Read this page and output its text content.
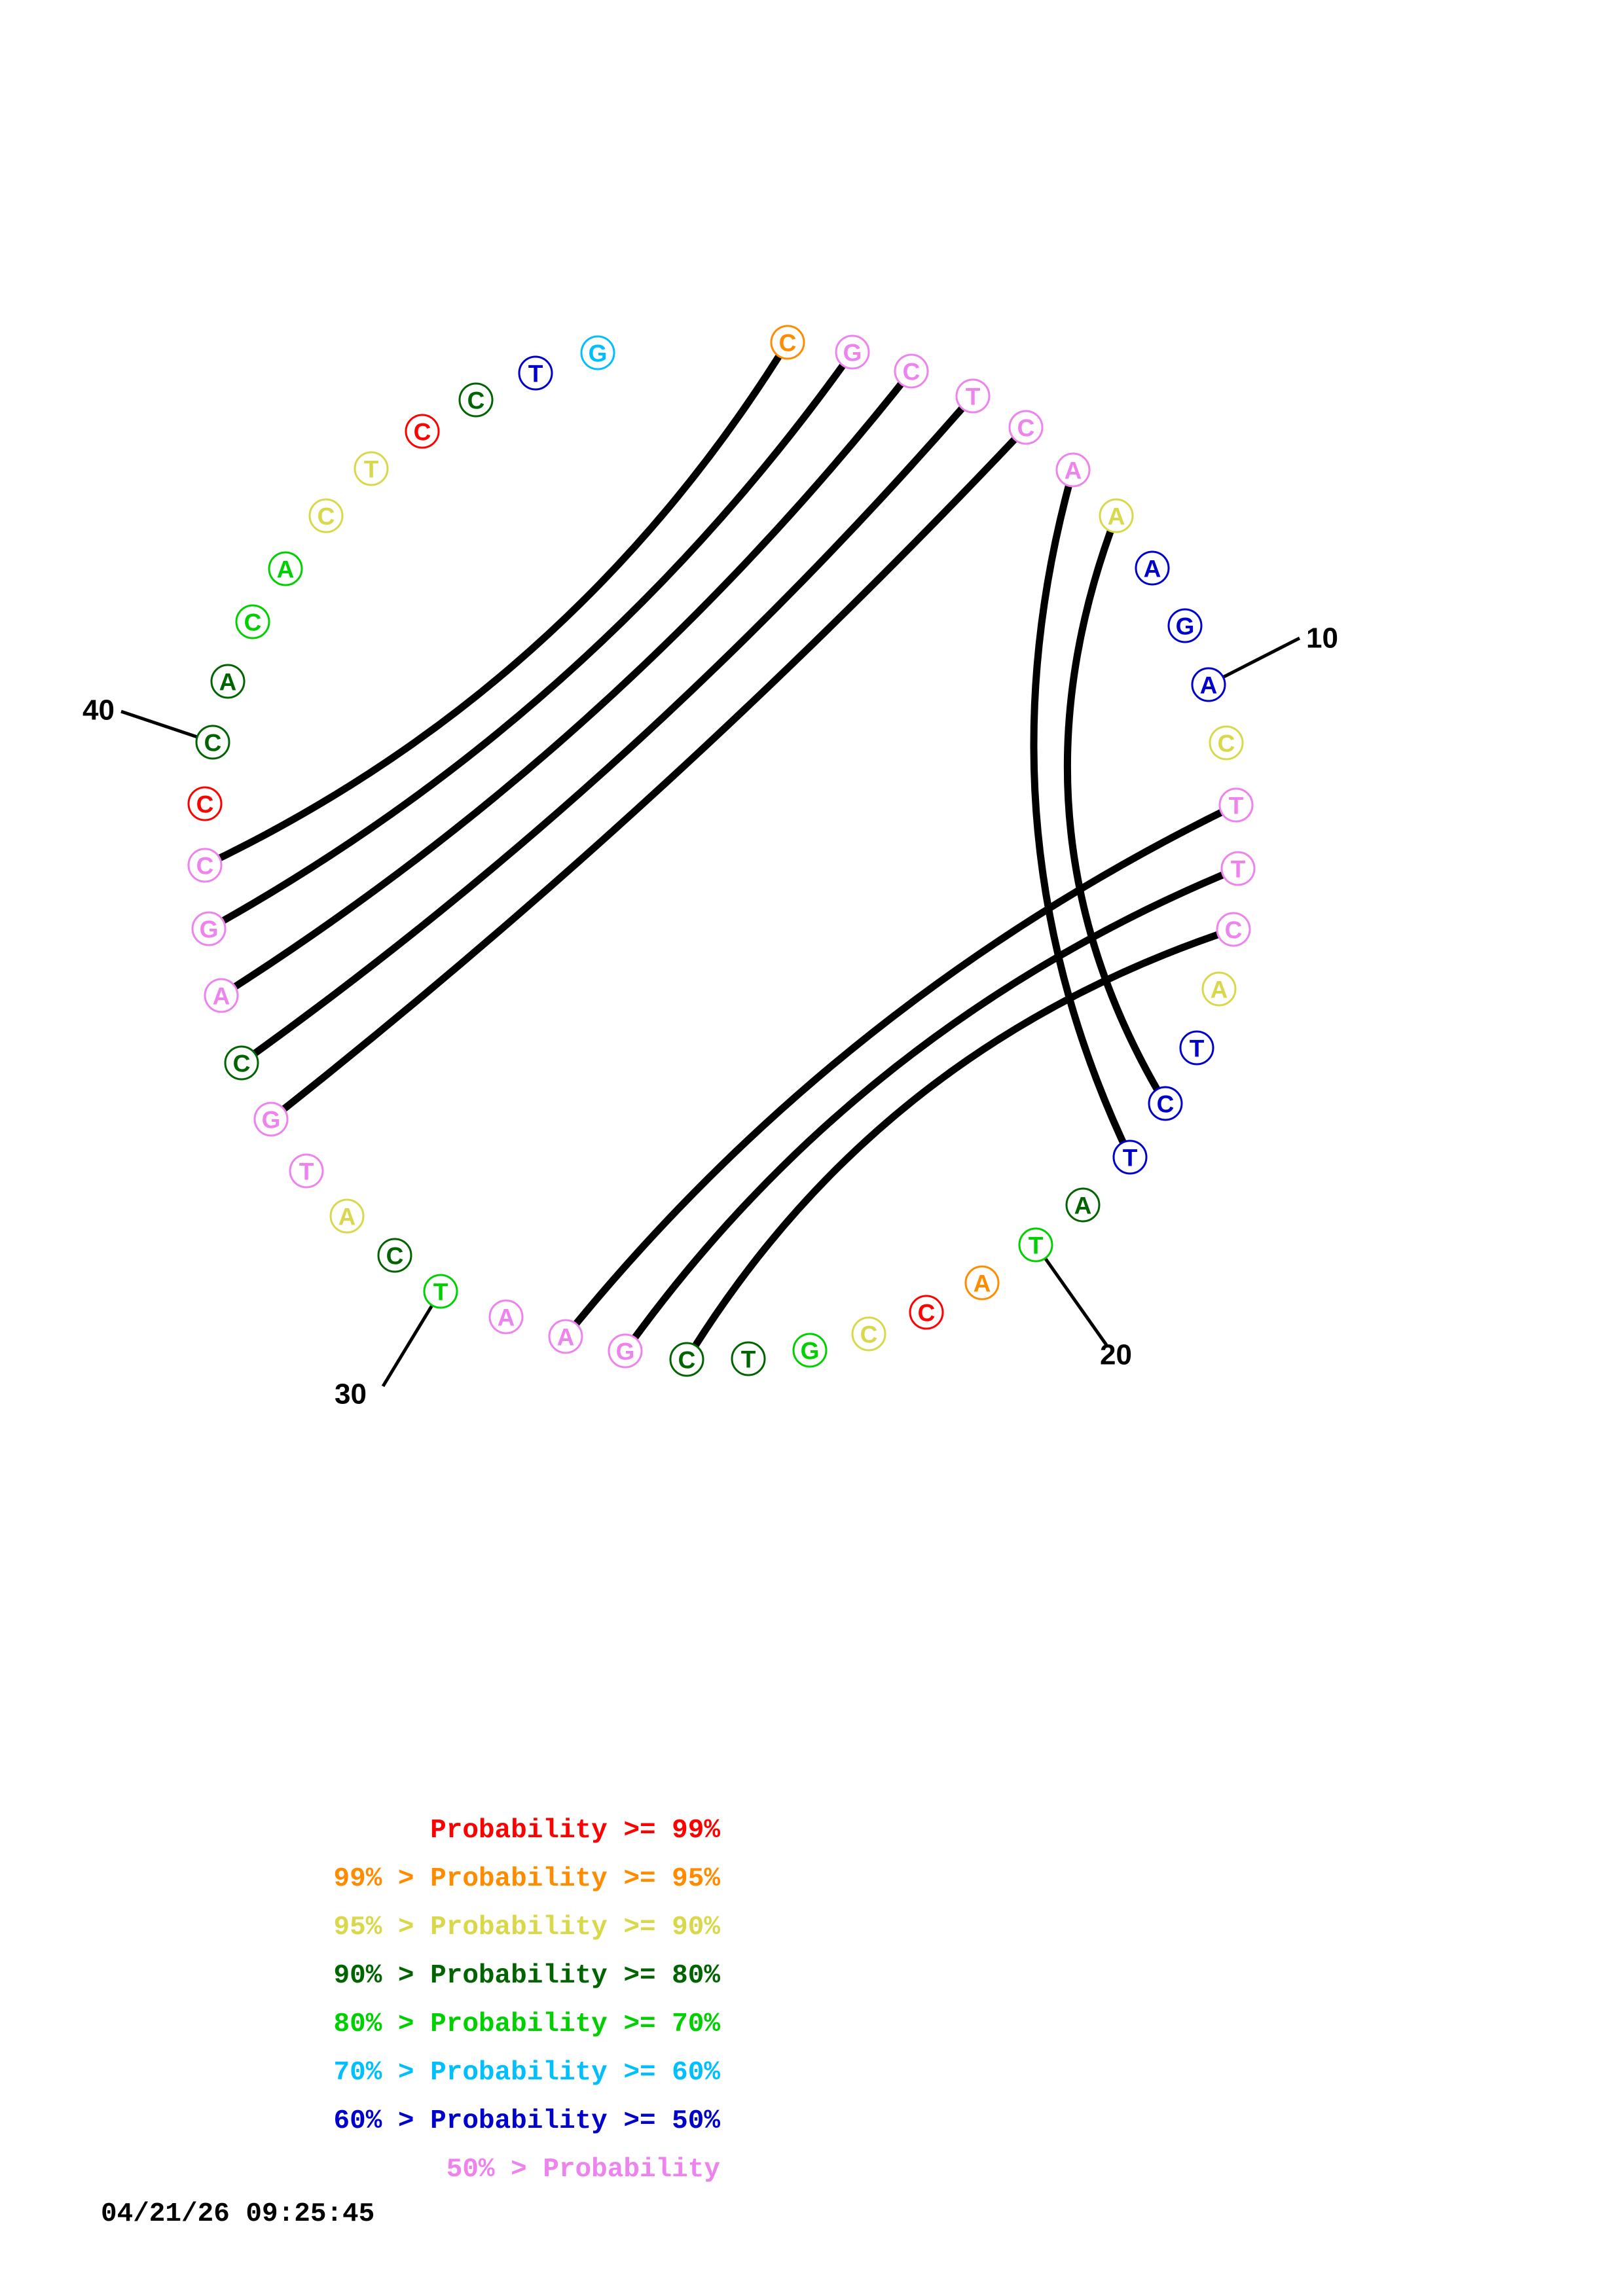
C G
C
T
C
A
A
A
G
A
C
T
T
C
A
T
C
T
A
T
A
C
C
G
T
C
G
A
A
T
C
A
T
G
C
A
G
C
C
C
A
C
A
C
T
C
C
T
G
10
20
30
40
Probability >= 99%
99% > Probability >= 95%
95% > Probability >= 90%
90% > Probability >= 80%
80% > Probability >= 70%
70% > Probability >= 60%
60% > Probability >= 50%
50% > Probability
04/21/26 09:25:45
